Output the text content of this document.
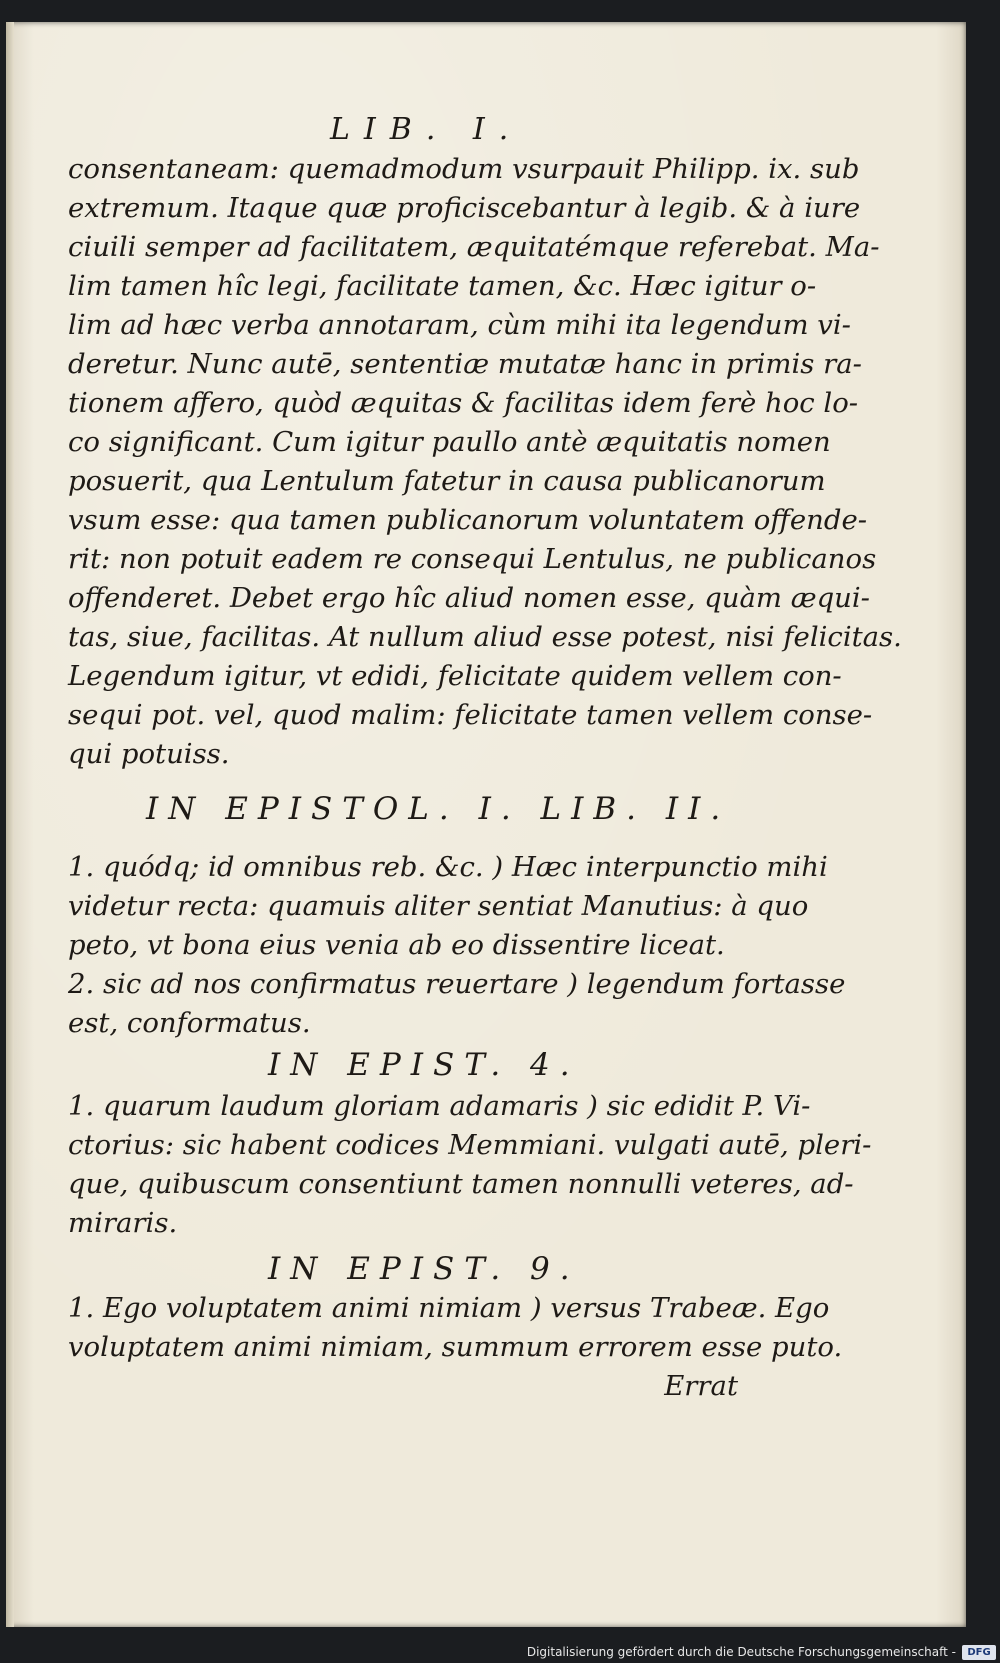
LIB. I.
consentaneam: quemadmodum vsurpauit Philipp. ix. sub
extremum. Itaque quæ proficiscebantur à legib. & à iure
ciuili semper ad facilitatem, æquitatémque referebat. Ma-
lim tamen hîc legi, facilitate tamen, &c. Hæc igitur o-
lim ad hæc verba annotaram, cùm mihi ita legendum vi-
deretur. Nunc autē, sententiæ mutatæ hanc in primis ra-
tionem affero, quòd æquitas & facilitas idem ferè hoc lo-
co significant. Cum igitur paullo antè æquitatis nomen
posuerit, qua Lentulum fatetur in causa publicanorum
vsum esse: qua tamen publicanorum voluntatem offende-
rit: non potuit eadem re consequi Lentulus, ne publicanos
offenderet. Debet ergo hîc aliud nomen esse, quàm æqui-
tas, siue, facilitas. At nullum aliud esse potest, nisi felicitas.
Legendum igitur, vt edidi, felicitate quidem vellem con-
sequi pot. vel, quod malim: felicitate tamen vellem conse-
qui potuiss.
IN EPISTOL. I. LIB. II.
1. quódq; id omnibus reb. &c. ) Hæc interpunctio mihi
videtur recta: quamuis aliter sentiat Manutius: à quo
peto, vt bona eius venia ab eo dissentire liceat.
2. sic ad nos confirmatus reuertare ) legendum fortasse
est, conformatus.
IN EPIST. 4.
1. quarum laudum gloriam adamaris ) sic edidit P. Vi-
ctorius: sic habent codices Memmiani. vulgati autē, pleri-
que, quibuscum consentiunt tamen nonnulli veteres, ad-
miraris.
IN EPIST. 9.
1. Ego voluptatem animi nimiam ) versus Trabeæ. Ego
voluptatem animi nimiam, summum errorem esse puto.
Errat
Digitalisierung gefördert durch die Deutsche Forschungsgemeinschaft -	DFG
